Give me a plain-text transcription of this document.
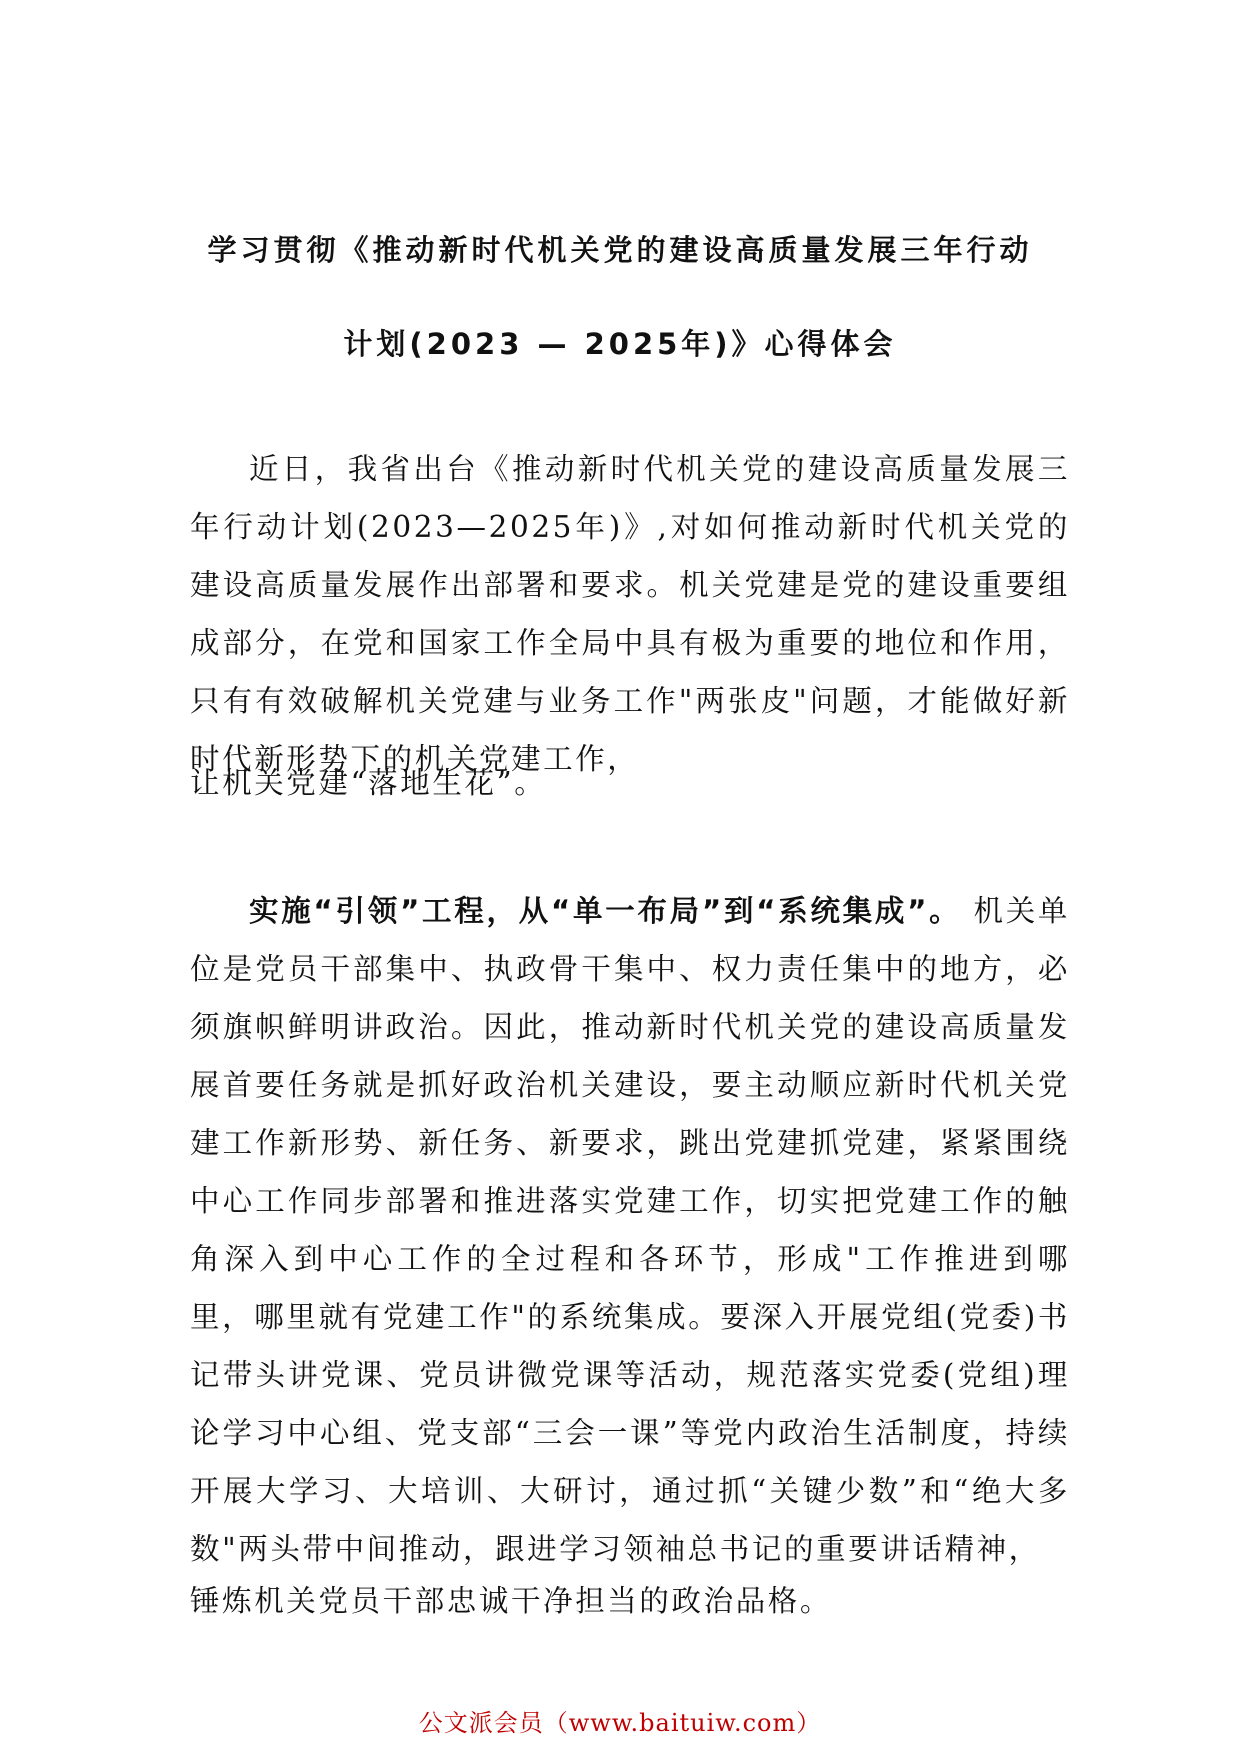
学习贯彻《推动新时代机关党的建设高质量发展三年行动
计划(2023 — 2025年)》心得体会
近日，我省出台《推动新时代机关党的建设高质量发展三年行动计划(2023—2025年)》,对如何推动新时代机关党的建设高质量发展作出部署和要求。机关党建是党的建设重要组成部分，在党和国家工作全局中具有极为重要的地位和作用，只有有效破解机关党建与业务工作"两张皮"问题，才能做好新时代新形势下的机关党建工作，
让机关党建“落地生花”。
实施“引领”工程，从“单一布局”到“系统集成”。 机关单位是党员干部集中、执政骨干集中、权力责任集中的地方，必须旗帜鲜明讲政治。因此，推动新时代机关党的建设高质量发展首要任务就是抓好政治机关建设，要主动顺应新时代机关党建工作新形势、新任务、新要求，跳出党建抓党建，紧紧围绕中心工作同步部署和推进落实党建工作，切实把党建工作的触角深入到中心工作的全过程和各环节，形成"工作推进到哪里，哪里就有党建工作"的系统集成。要深入开展党组(党委)书记带头讲党课、党员讲微党课等活动，规范落实党委(党组)理论学习中心组、党支部“三会一课”等党内政治生活制度，持续开展大学习、大培训、大研讨，通过抓“关键少数”和“绝大多数"两头带中间推动，跟进学习领袖总书记的重要讲话精神，
锤炼机关党员干部忠诚干净担当的政治品格。
公文派会员（www.baituiw.com）
